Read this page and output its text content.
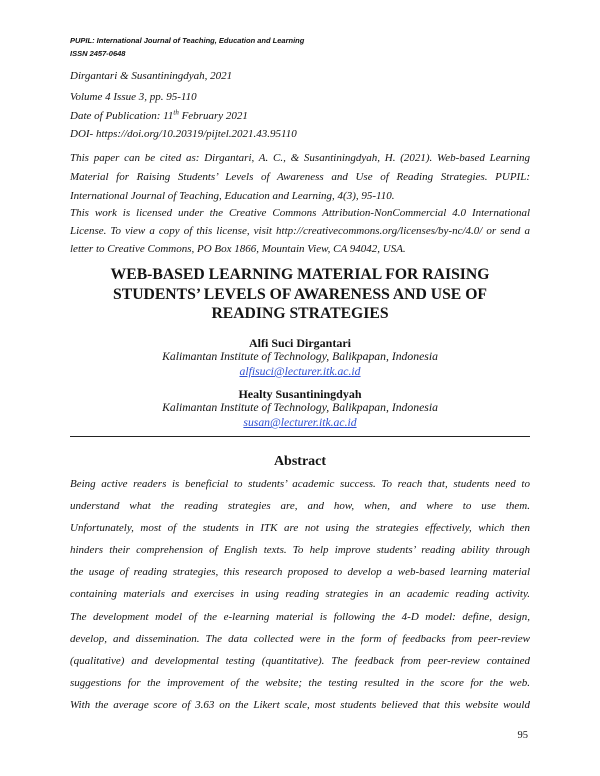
PUPIL: International Journal of Teaching, Education and Learning
ISSN 2457-0648
Dirgantari & Susantiningdyah, 2021
Volume 4 Issue 3, pp. 95-110
Date of Publication: 11th February 2021
DOI- https://doi.org/10.20319/pijtel.2021.43.95110
This paper can be cited as: Dirgantari, A. C., & Susantiningdyah, H. (2021). Web-based Learning
Material for Raising Students’ Levels of Awareness and Use of Reading Strategies. PUPIL:
International Journal of Teaching, Education and Learning, 4(3), 95-110.
This work is licensed under the Creative Commons Attribution-NonCommercial 4.0 International
License. To view a copy of this license, visit http://creativecommons.org/licenses/by-nc/4.0/ or send a
letter to Creative Commons, PO Box 1866, Mountain View, CA 94042, USA.
WEB-BASED LEARNING MATERIAL FOR RAISING
STUDENTS’ LEVELS OF AWARENESS AND USE OF
READING STRATEGIES
Alfi Suci Dirgantari
Kalimantan Institute of Technology, Balikpapan, Indonesia
alfisuci@lecturer.itk.ac.id
Healty Susantiningdyah
Kalimantan Institute of Technology, Balikpapan, Indonesia
susan@lecturer.itk.ac.id
Abstract
Being active readers is beneficial to students’ academic success. To reach that, students need to
understand what the reading strategies are, and how, when, and where to use them.
Unfortunately, most of the students in ITK are not using the strategies effectively, which then
hinders their comprehension of English texts. To help improve students’ reading ability through
the usage of reading strategies, this research proposed to develop a web-based learning material
containing materials and exercises in using reading strategies in an academic reading activity.
The development model of the e-learning material is following the 4-D model: define, design,
develop, and dissemination. The data collected were in the form of feedbacks from peer-review
(qualitative) and developmental testing (quantitative). The feedback from peer-review contained
suggestions for the improvement of the website; the testing resulted in the score for the web.
With the average score of 3.63 on the Likert scale, most students believed that this website would
95
